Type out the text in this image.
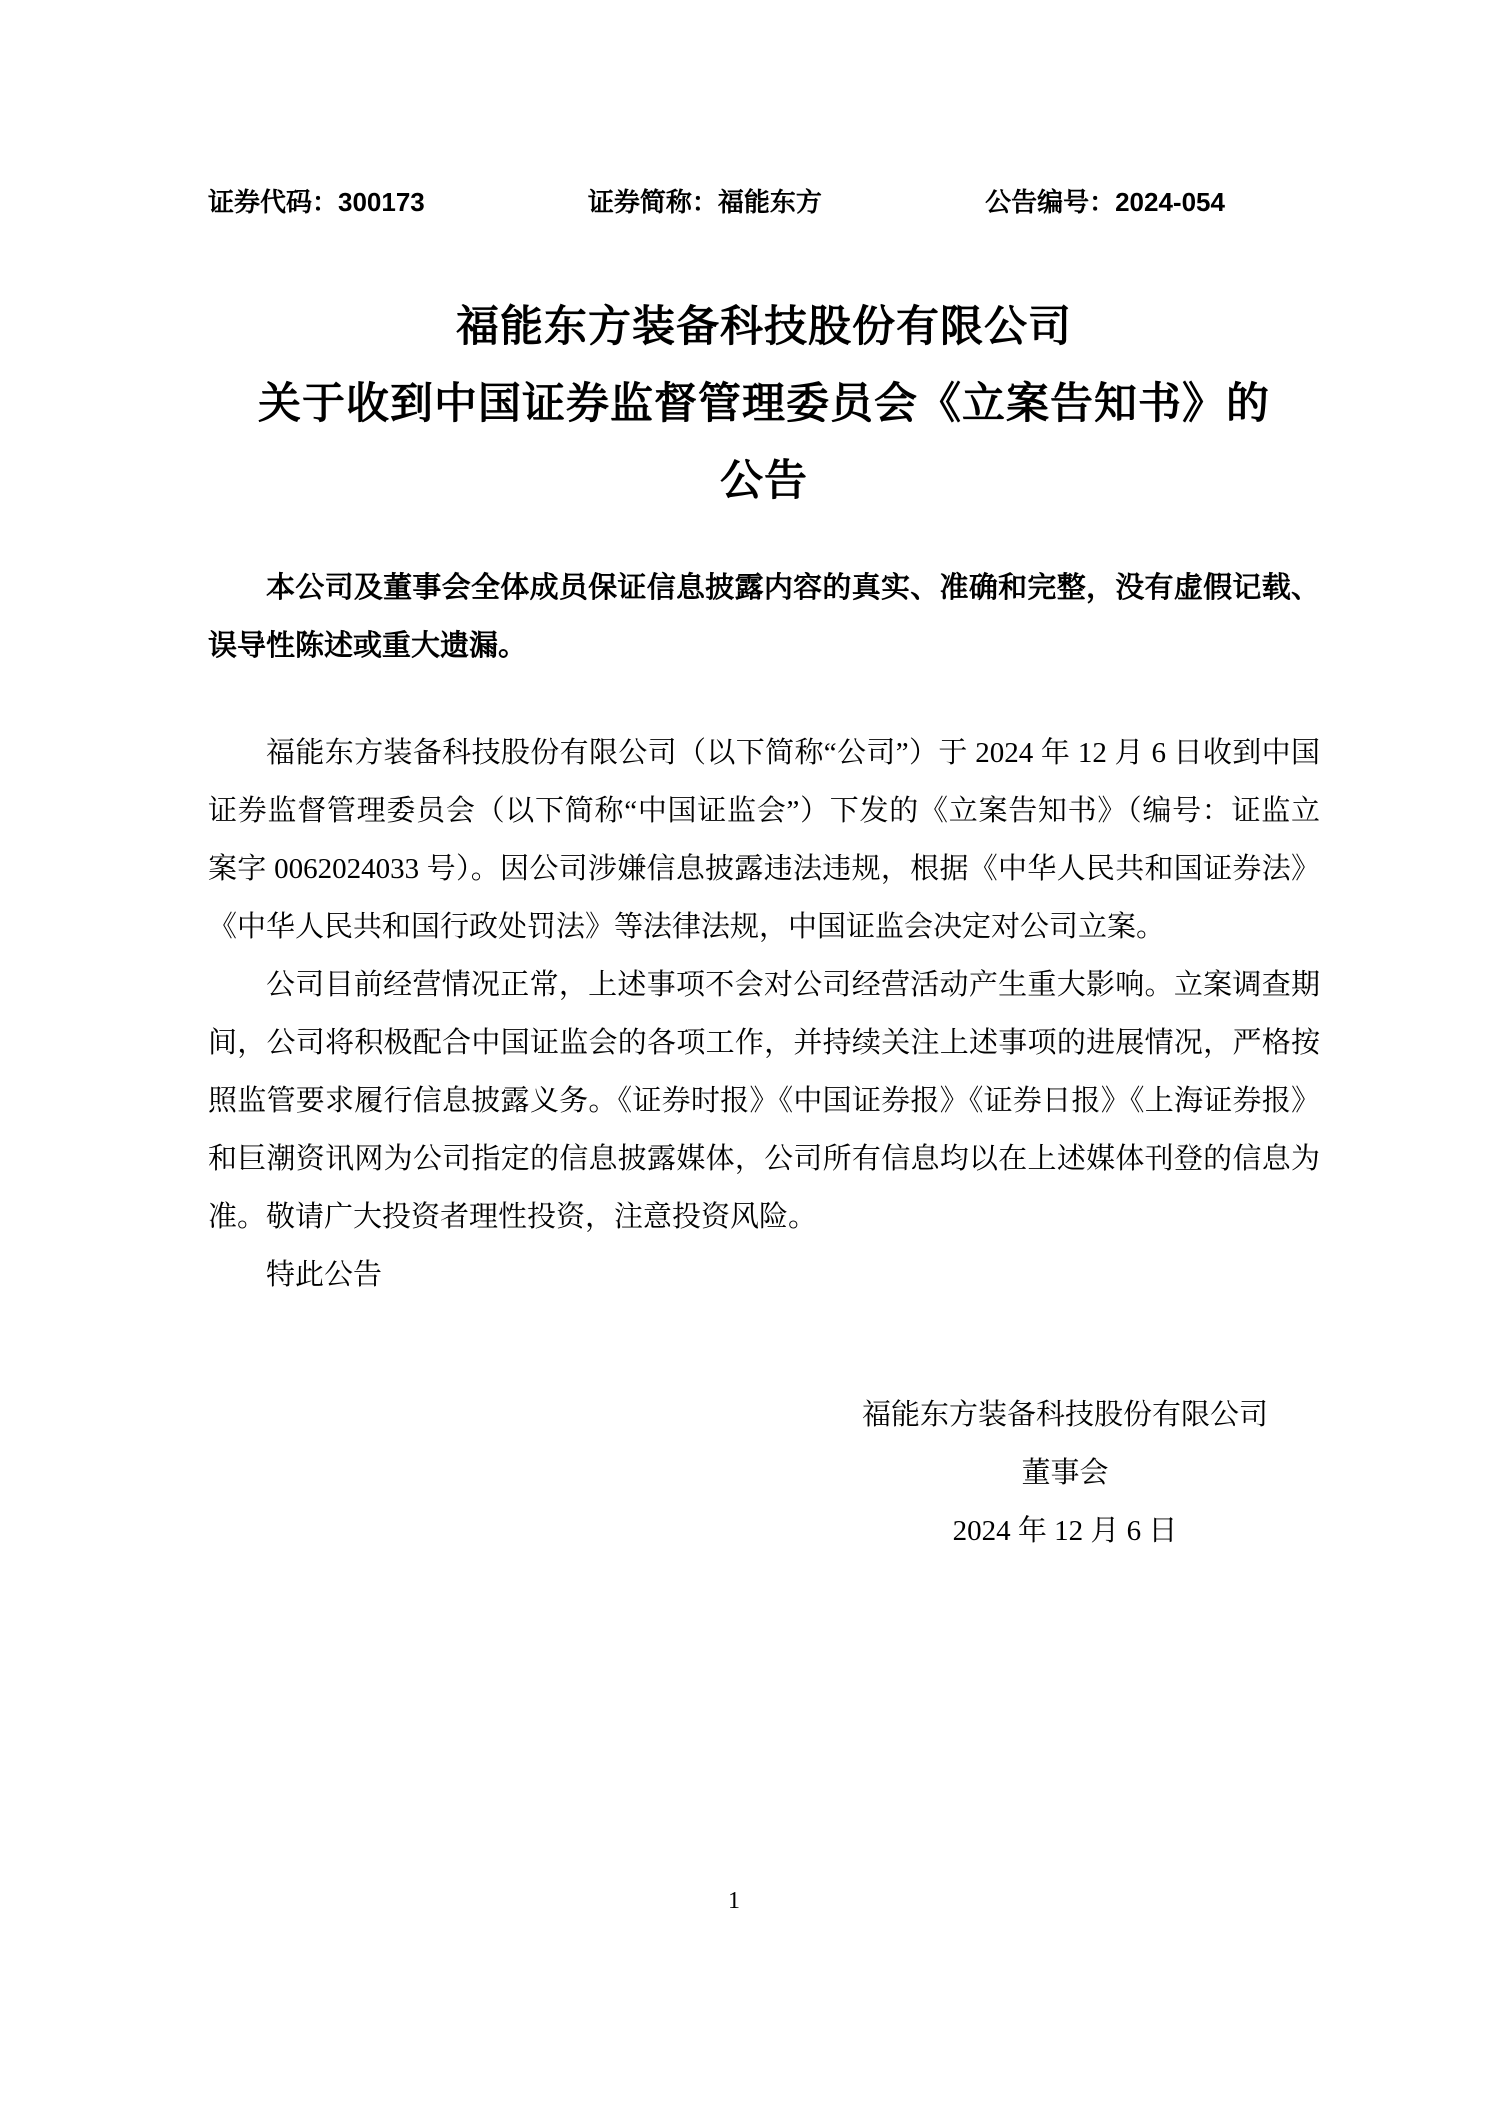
证券代码：300173	证券简称：福能东方	公告编号：2024-054
福能东方装备科技股份有限公司
关于收到中国证券监督管理委员会《立案告知书》的
公告

本公司及董事会全体成员保证信息披露内容的真实、准确和完整，没有虚假记载、误导性陈述或重大遗漏。

福能东方装备科技股份有限公司（以下简称“公司”）于 2024 年 12 月 6 日收到中国证券监督管理委员会（以下简称“中国证监会”）下发的《立案告知书》（编号：证监立案字 0062024033 号）。因公司涉嫌信息披露违法违规，根据《中华人民共和国证券法》《中华人民共和国行政处罚法》等法律法规，中国证监会决定对公司立案。

公司目前经营情况正常，上述事项不会对公司经营活动产生重大影响。立案调查期间，公司将积极配合中国证监会的各项工作，并持续关注上述事项的进展情况，严格按照监管要求履行信息披露义务。《证券时报》《中国证券报》《证券日报》《上海证券报》和巨潮资讯网为公司指定的信息披露媒体，公司所有信息均以在上述媒体刊登的信息为准。敬请广大投资者理性投资，注意投资风险。

特此公告

福能东方装备科技股份有限公司
董事会
2024 年 12 月 6 日
1
